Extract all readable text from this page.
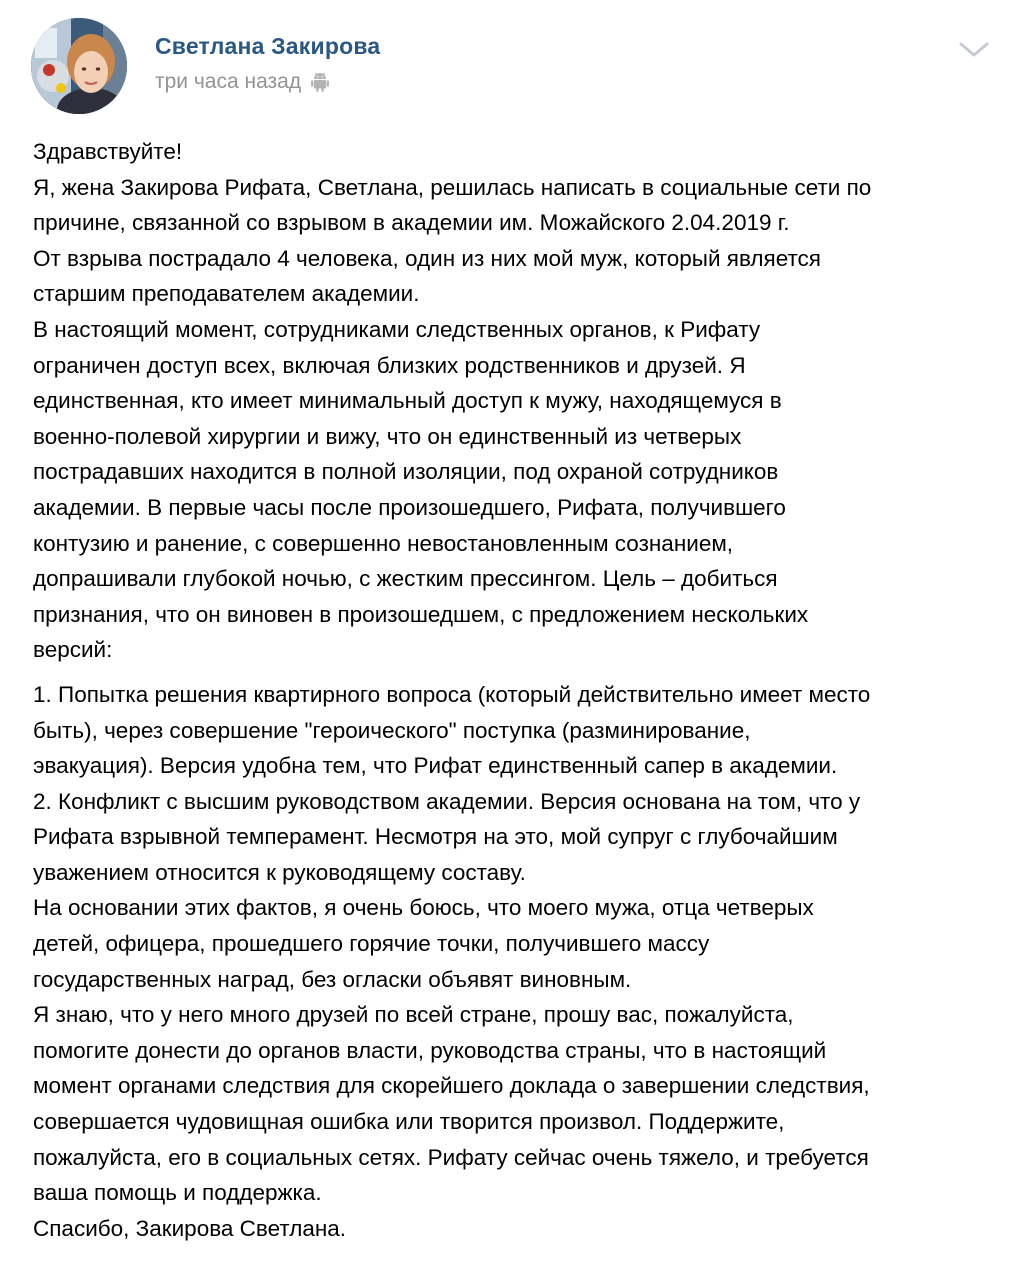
Светлана Закирова
три часа назад

Здравствуйте!

Я, жена Закирова Рифата, Светлана, решилась написать в социальные сети по

причине, связанной со взрывом в академии им. Можайского 2.04.2019 г.

От взрыва пострадало 4 человека, один из них мой муж, который является

старшим преподавателем академии.

В настоящий момент, сотрудниками следственных органов, к Рифату

ограничен доступ всех, включая близких родственников и друзей. Я

единственная, кто имеет минимальный доступ к мужу, находящемуся в

военно-полевой хирургии и вижу, что он единственный из четверых

пострадавших находится в полной изоляции, под охраной сотрудников

академии. В первые часы после произошедшего, Рифата, получившего

контузию и ранение, с совершенно невостановленным сознанием,

допрашивали глубокой ночью, с жестким прессингом. Цель – добиться

признания, что он виновен в произошедшем, с предложением нескольких

версий:

1. Попытка решения квартирного вопроса (который действительно имеет место

быть), через совершение "героического" поступка (разминирование,

эвакуация). Версия удобна тем, что Рифат единственный сапер в академии.

2. Конфликт с высшим руководством академии. Версия основана на том, что у

Рифата взрывной темперамент. Несмотря на это, мой супруг с глубочайшим

уважением относится к руководящему составу.

На основании этих фактов, я очень боюсь, что моего мужа, отца четверых

детей, офицера, прошедшего горячие точки, получившего массу

государственных наград, без огласки объявят виновным.

Я знаю, что у него много друзей по всей стране, прошу вас, пожалуйста,

помогите донести до органов власти, руководства страны, что в настоящий

момент органами следствия для скорейшего доклада о завершении следствия,

совершается чудовищная ошибка или творится произвол. Поддержите,

пожалуйста, его в социальных сетях. Рифату сейчас очень тяжело, и требуется

ваша помощь и поддержка.

Спасибо, Закирова Светлана.
